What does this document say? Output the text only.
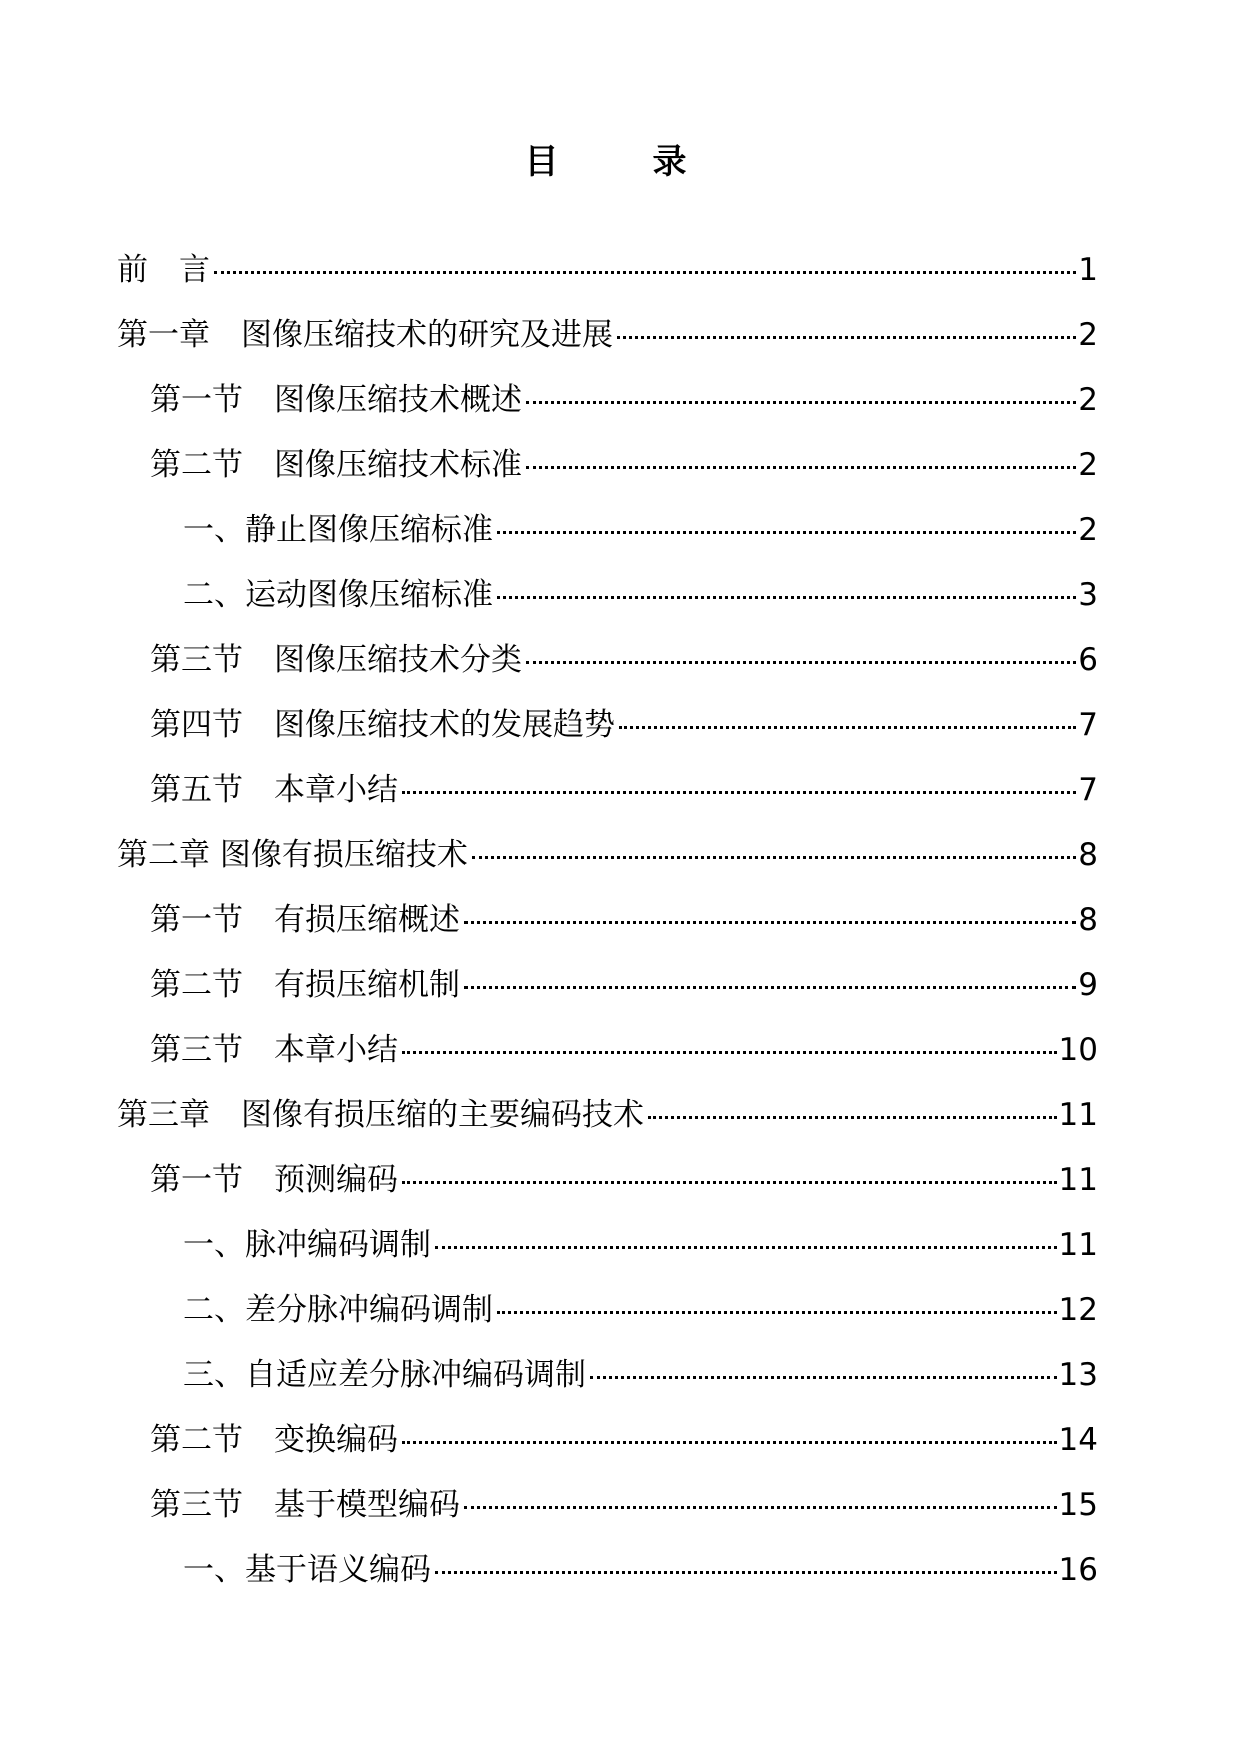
目　录
前　言	1
第一章　图像压缩技术的研究及进展	2
第一节　图像压缩技术概述	2
第二节　图像压缩技术标准	2
一、静止图像压缩标准	2
二、运动图像压缩标准	3
第三节　图像压缩技术分类	6
第四节　图像压缩技术的发展趋势	7
第五节　本章小结	7
第二章 图像有损压缩技术	8
第一节　有损压缩概述	8
第二节　有损压缩机制	9
第三节　本章小结	10
第三章　图像有损压缩的主要编码技术	11
第一节　预测编码	11
一、脉冲编码调制	11
二、差分脉冲编码调制	12
三、自适应差分脉冲编码调制	13
第二节　变换编码	14
第三节　基于模型编码	15
一、基于语义编码	16
